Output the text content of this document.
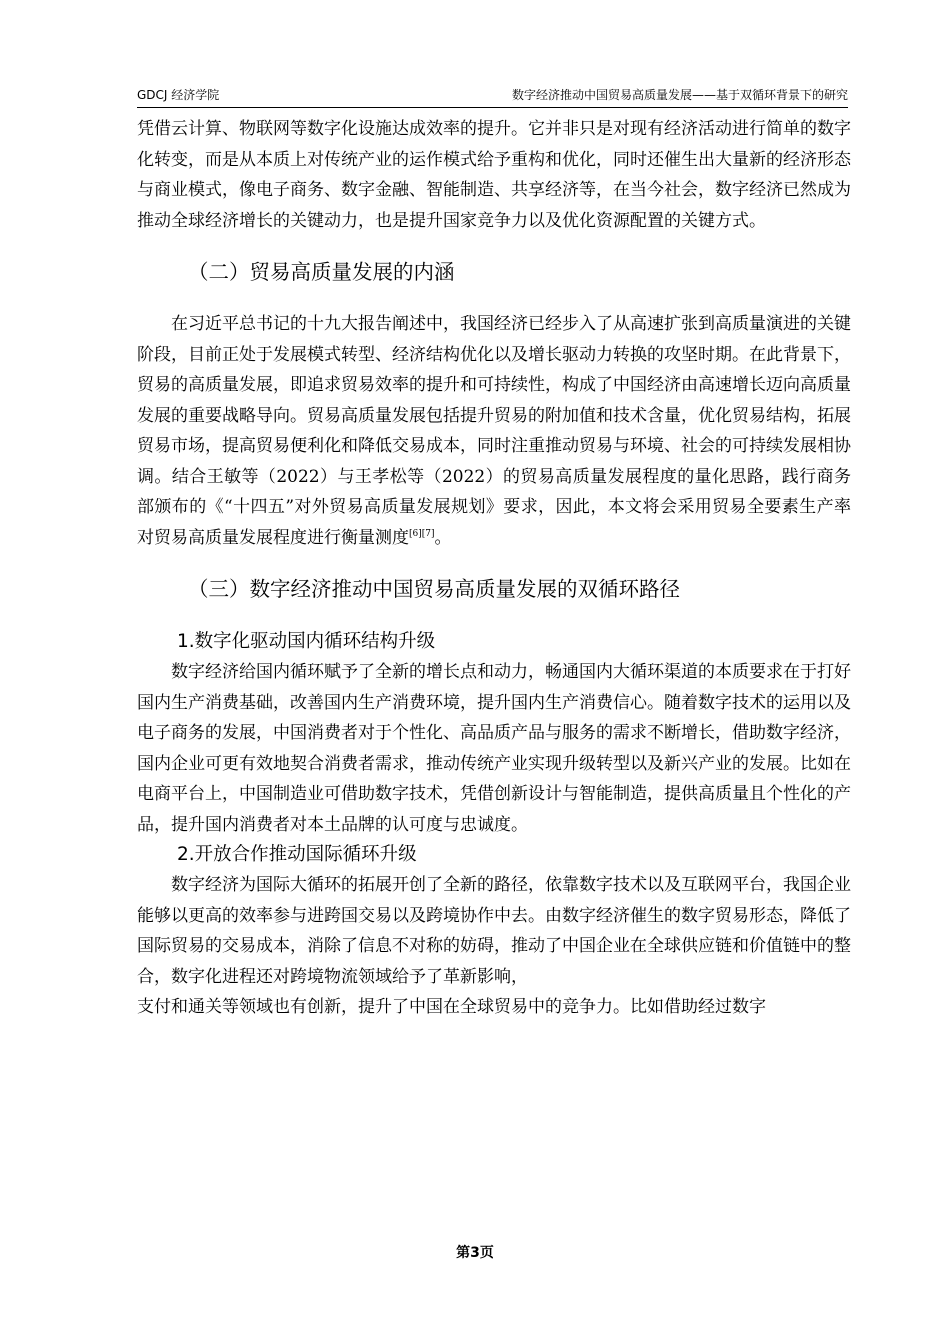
GDCJ 经济学院	数字经济推动中国贸易高质量发展——基于双循环背景下的研究

凭借云计算、物联网等数字化设施达成效率的提升。它并非只是对现有经济活动进行简单的数字化转变，而是从本质上对传统产业的运作模式给予重构和优化，同时还催生出大量新的经济形态与商业模式，像电子商务、数字金融、智能制造、共享经济等，在当今社会，数字经济已然成为推动全球经济增长的关键动力，也是提升国家竞争力以及优化资源配置的关键方式。

（二）贸易高质量发展的内涵

在习近平总书记的十九大报告阐述中，我国经济已经步入了从高速扩张到高质量演进的关键阶段，目前正处于发展模式转型、经济结构优化以及增长驱动力转换的攻坚时期。在此背景下，贸易的高质量发展，即追求贸易效率的提升和可持续性，构成了中国经济由高速增长迈向高质量发展的重要战略导向。贸易高质量发展包括提升贸易的附加值和技术含量，优化贸易结构，拓展贸易市场，提高贸易便利化和降低交易成本，同时注重推动贸易与环境、社会的可持续发展相协调。结合王敏等（2022）与王孝松等（2022）的贸易高质量发展程度的量化思路，践行商务部颁布的《“十四五”对外贸易高质量发展规划》要求，因此，本文将会采用贸易全要素生产率对贸易高质量发展程度进行衡量测度[6][7]。

（三）数字经济推动中国贸易高质量发展的双循环路径
1.数字化驱动国内循环结构升级

数字经济给国内循环赋予了全新的增长点和动力，畅通国内大循环渠道的本质要求在于打好国内生产消费基础，改善国内生产消费环境，提升国内生产消费信心。随着数字技术的运用以及电子商务的发展，中国消费者对于个性化、高品质产品与服务的需求不断增长，借助数字经济，国内企业可更有效地契合消费者需求，推动传统产业实现升级转型以及新兴产业的发展。比如在电商平台上，中国制造业可借助数字技术，凭借创新设计与智能制造，提供高质量且个性化的产品，提升国内消费者对本土品牌的认可度与忠诚度。

2.开放合作推动国际循环升级

数字经济为国际大循环的拓展开创了全新的路径，依靠数字技术以及互联网平台，我国企业能够以更高的效率参与进跨国交易以及跨境协作中去。由数字经济催生的数字贸易形态，降低了国际贸易的交易成本，消除了信息不对称的妨碍，推动了中国企业在全球供应链和价值链中的整合，数字化进程还对跨境物流领域给予了革新影响，

支付和通关等领域也有创新，提升了中国在全球贸易中的竞争力。比如借助经过数字

第3页
